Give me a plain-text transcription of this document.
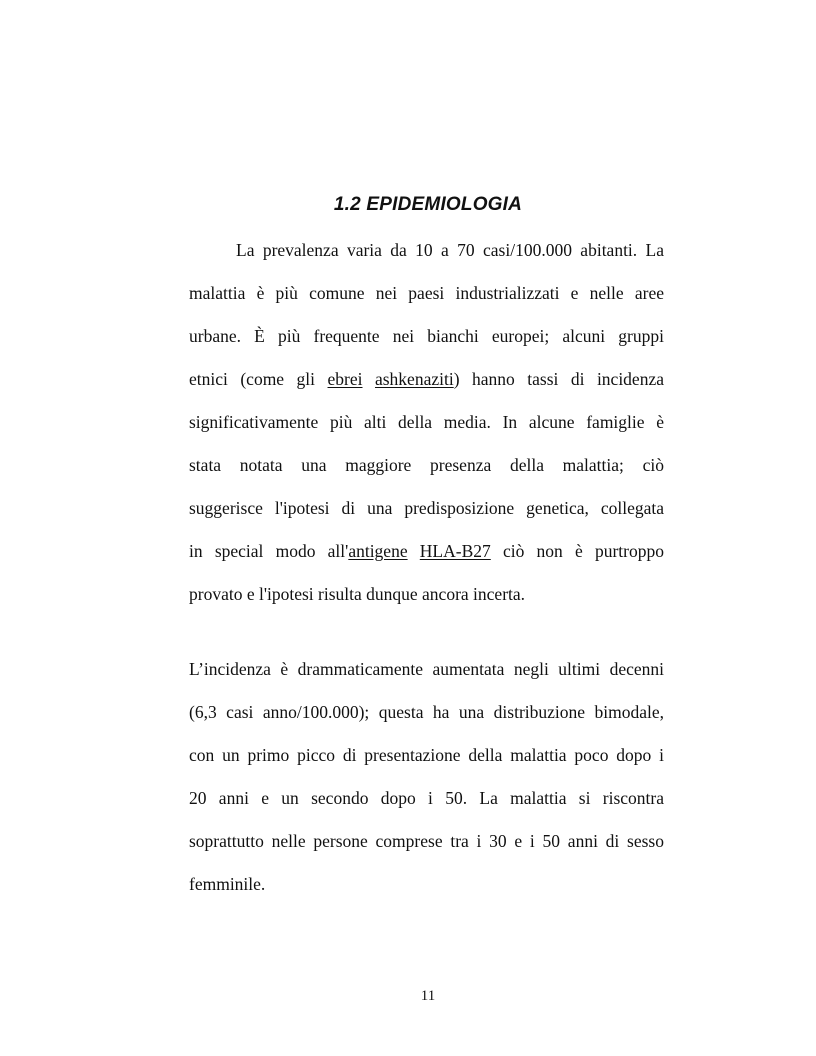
1.2 EPIDEMIOLOGIA
La prevalenza varia da 10 a 70 casi/100.000 abitanti. La
malattia è più comune nei paesi industrializzati e nelle aree
urbane. È più frequente nei bianchi europei; alcuni gruppi
etnici (come gli ebrei ashkenaziti) hanno tassi di incidenza
significativamente più alti della media. In alcune famiglie è
stata notata una maggiore presenza della malattia; ciò
suggerisce l'ipotesi di una predisposizione genetica, collegata
in special modo all'antigene HLA-B27 ciò non è purtroppo
provato e l'ipotesi risulta dunque ancora incerta.
L’incidenza è drammaticamente aumentata negli ultimi decenni
(6,3 casi anno/100.000); questa ha una distribuzione bimodale,
con un primo picco di presentazione della malattia poco dopo i
20 anni e un secondo dopo i 50. La malattia si riscontra
soprattutto nelle persone comprese tra i 30 e i 50 anni di sesso
femminile.
11
